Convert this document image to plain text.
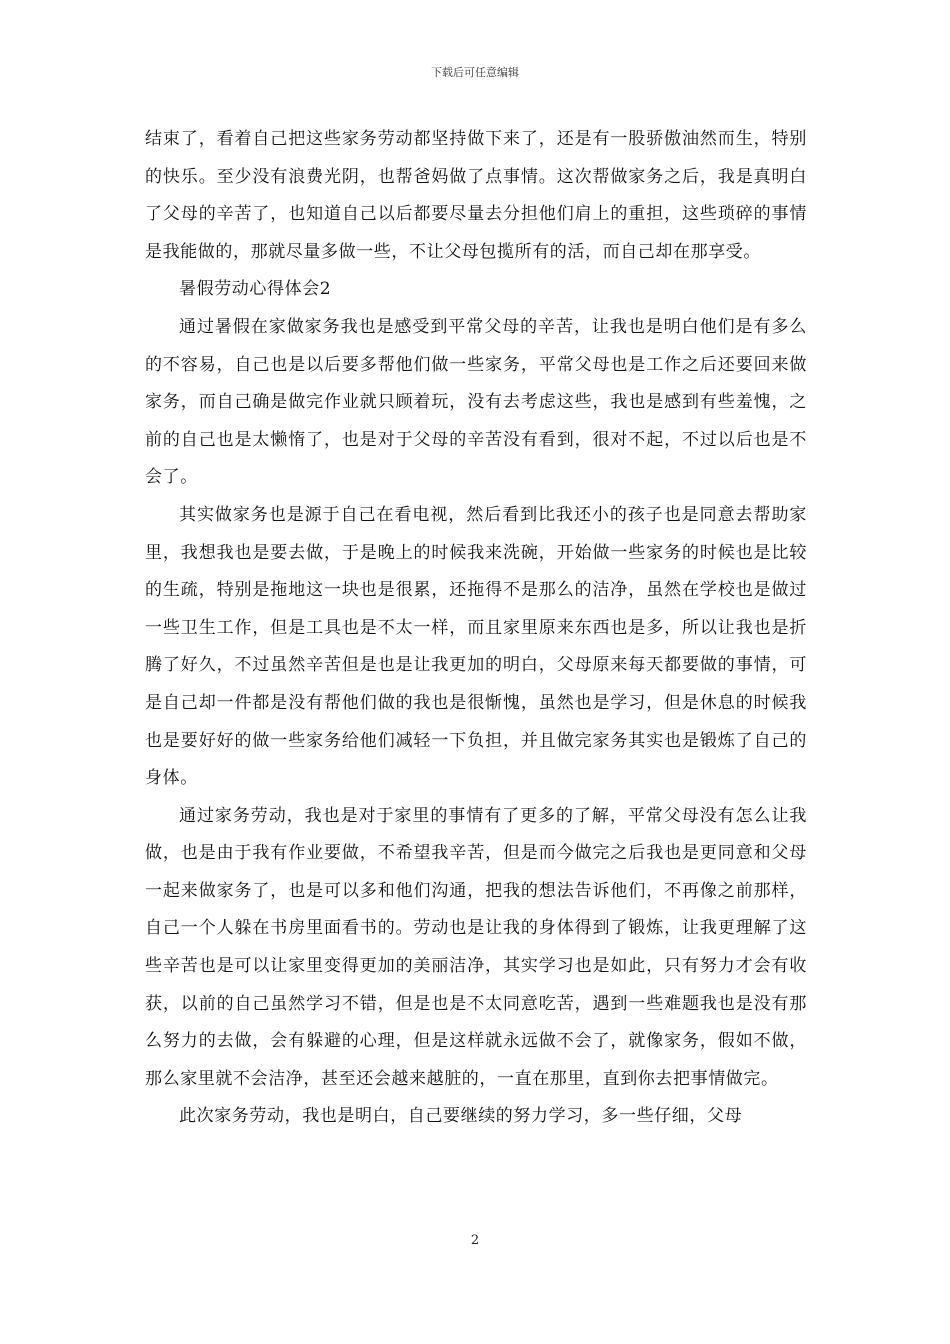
下载后可任意编辑

结束了，看着自己把这些家务劳动都坚持做下来了，还是有一股骄傲油然而生，特别的快乐。至少没有浪费光阴，也帮爸妈做了点事情。这次帮做家务之后，我是真明白了父母的辛苦了，也知道自己以后都要尽量去分担他们肩上的重担，这些琐碎的事情是我能做的，那就尽量多做一些，不让父母包揽所有的活，而自己却在那享受。

暑假劳动心得体会2

通过暑假在家做家务我也是感受到平常父母的辛苦，让我也是明白他们是有多么的不容易，自己也是以后要多帮他们做一些家务，平常父母也是工作之后还要回来做家务，而自己确是做完作业就只顾着玩，没有去考虑这些，我也是感到有些羞愧，之前的自己也是太懒惰了，也是对于父母的辛苦没有看到，很对不起，不过以后也是不会了。

其实做家务也是源于自己在看电视，然后看到比我还小的孩子也是同意去帮助家里，我想我也是要去做，于是晚上的时候我来洗碗，开始做一些家务的时候也是比较的生疏，特别是拖地这一块也是很累，还拖得不是那么的洁净，虽然在学校也是做过一些卫生工作，但是工具也是不太一样，而且家里原来东西也是多，所以让我也是折腾了好久，不过虽然辛苦但是也是让我更加的明白，父母原来每天都要做的事情，可是自己却一件都是没有帮他们做的我也是很惭愧，虽然也是学习，但是休息的时候我也是要好好的做一些家务给他们减轻一下负担，并且做完家务其实也是锻炼了自己的身体。

通过家务劳动，我也是对于家里的事情有了更多的了解，平常父母没有怎么让我做，也是由于我有作业要做，不希望我辛苦，但是而今做完之后我也是更同意和父母一起来做家务了，也是可以多和他们沟通，把我的想法告诉他们，不再像之前那样，自己一个人躲在书房里面看书的。劳动也是让我的身体得到了锻炼，让我更理解了这些辛苦也是可以让家里变得更加的美丽洁净，其实学习也是如此，只有努力才会有收获，以前的自己虽然学习不错，但是也是不太同意吃苦，遇到一些难题我也是没有那么努力的去做，会有躲避的心理，但是这样就永远做不会了，就像家务，假如不做，那么家里就不会洁净，甚至还会越来越脏的，一直在那里，直到你去把事情做完。

此次家务劳动，我也是明白，自己要继续的努力学习，多一些仔细，父母

2
